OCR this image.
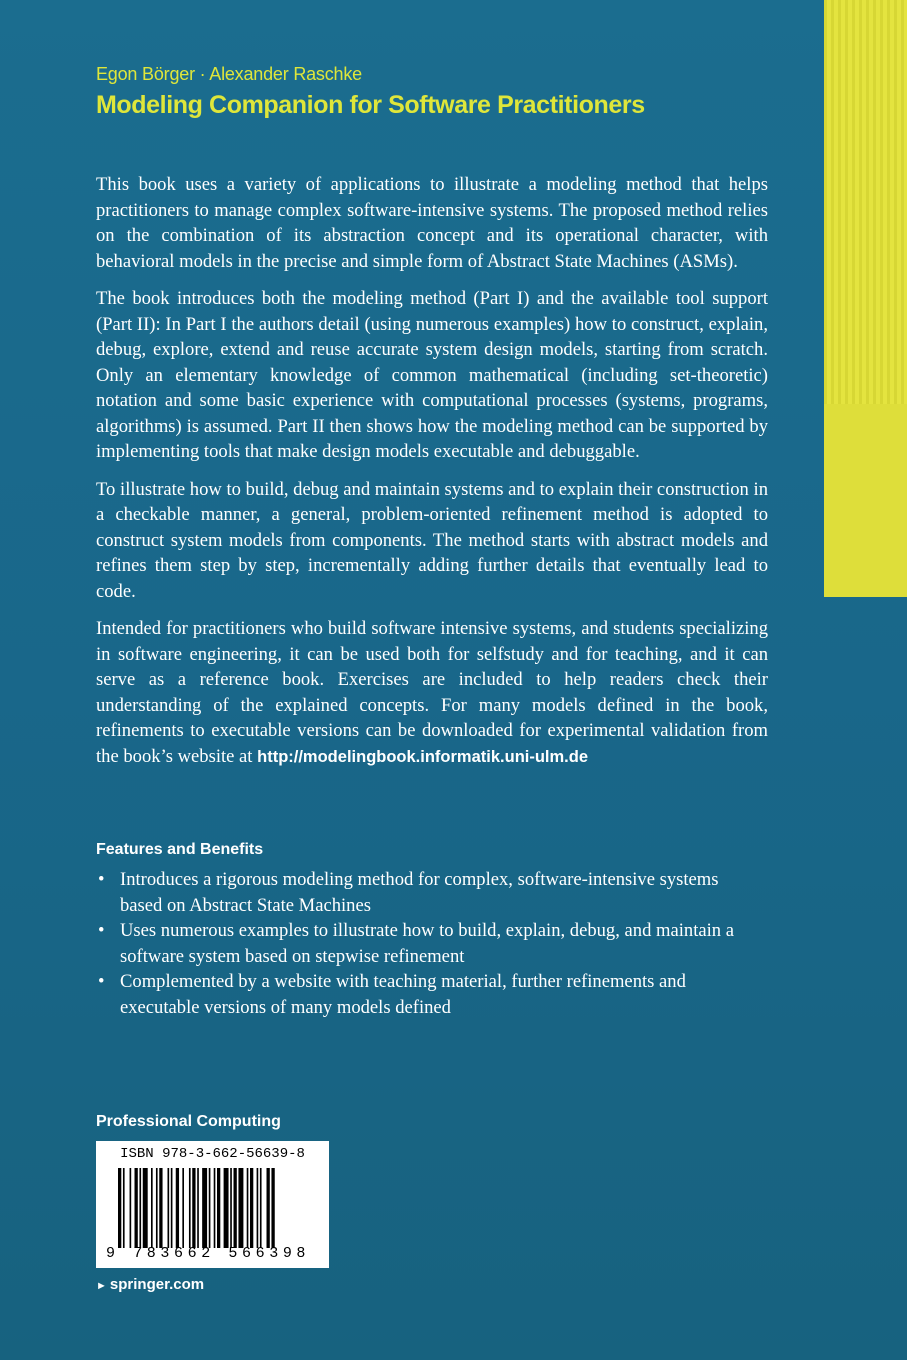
Egon Börger · Alexander Raschke
Modeling Companion for Software Practitioners

This book uses a variety of applications to illustrate a modeling method that helps practitioners to manage complex software-intensive systems. The proposed method relies on the combination of its abstraction concept and its operational character, with behavioral models in the precise and simple form of Abstract State Machines (ASMs).

The book introduces both the modeling method (Part I) and the available tool support (Part II): In Part I the authors detail (using numerous examples) how to construct, explain, debug, explore, extend and reuse accurate system design models, starting from scratch. Only an elementary knowledge of common mathematical (including set-theoretic) notation and some basic experience with computational processes (systems, programs, algorithms) is assumed. Part II then shows how the modeling method can be supported by implementing tools that make design models executable and debuggable.

To illustrate how to build, debug and maintain systems and to explain their construction in a checkable manner, a general, problem-oriented refinement method is adopted to construct system models from components. The method starts with abstract models and refines them step by step, incrementally adding further details that eventually lead to code.

Intended for practitioners who build software intensive systems, and students specializing in software engineering, it can be used both for selfstudy and for teaching, and it can serve as a reference book. Exercises are included to help readers check their understanding of the explained concepts. For many models defined in the book, refinements to executable versions can be downloaded for experimental validation from the book’s website at http://modelingbook.informatik.uni-ulm.de

Features and Benefits
• Introduces a rigorous modeling method for complex, software-intensive systems based on Abstract State Machines
• Uses numerous examples to illustrate how to build, explain, debug, and maintain a software system based on stepwise refinement
• Complemented by a website with teaching material, further refinements and executable versions of many models defined
Professional Computing
ISBN 978-3-662-56639-8
9 783662 566398
► springer.com
